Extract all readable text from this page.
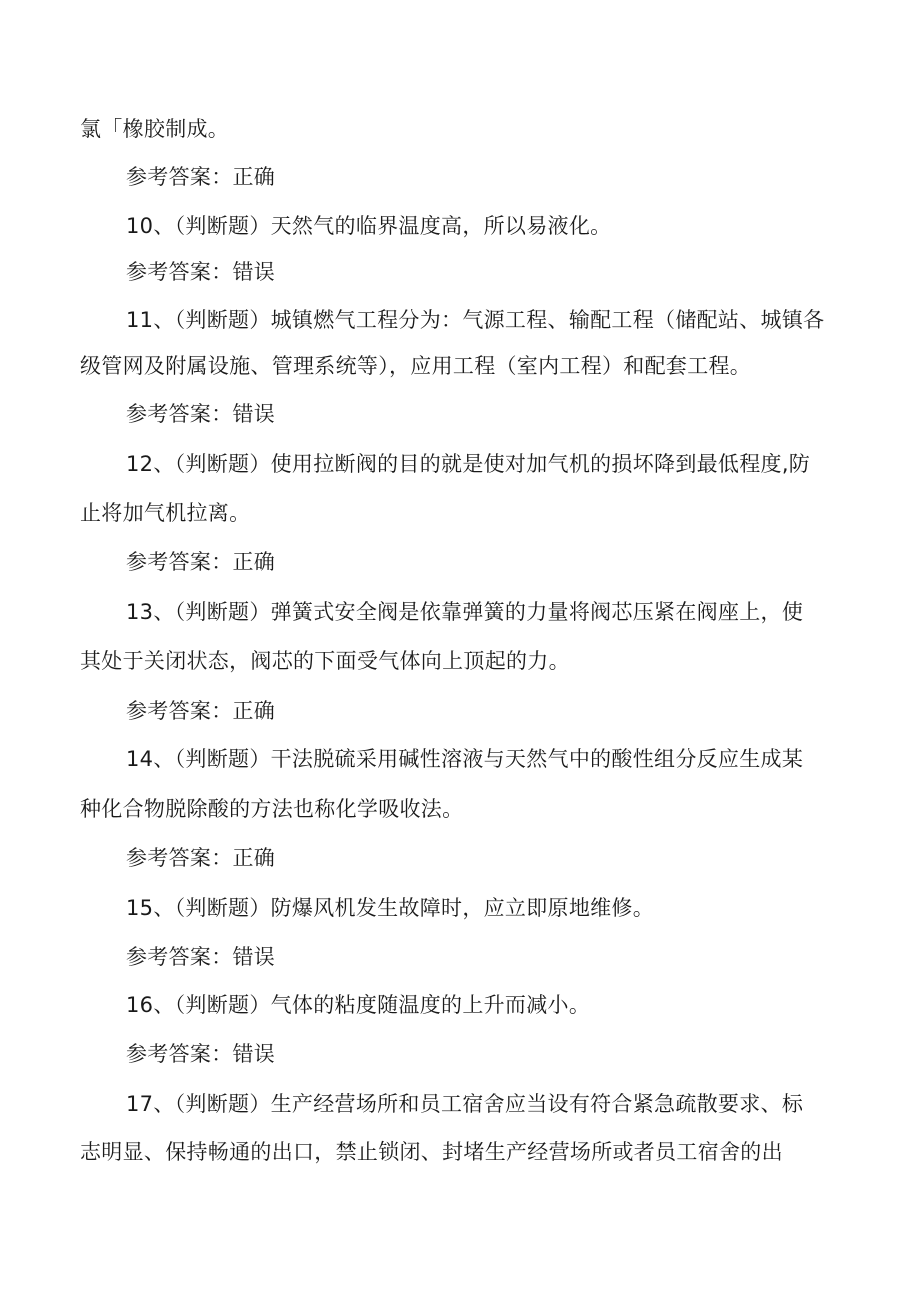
氯「橡胶制成。
参考答案：正确
10、（判断题）天然气的临界温度高，所以易液化。
参考答案：错误
11、（判断题）城镇燃气工程分为：气源工程、输配工程（储配站、城镇各
级管网及附属设施、管理系统等），应用工程（室内工程）和配套工程。
参考答案：错误
12、（判断题）使用拉断阀的目的就是使对加气机的损坏降到最低程度,防
止将加气机拉离。
参考答案：正确
13、（判断题）弹簧式安全阀是依靠弹簧的力量将阀芯压紧在阀座上，使
其处于关闭状态，阀芯的下面受气体向上顶起的力。
参考答案：正确
14、（判断题）干法脱硫采用碱性溶液与天然气中的酸性组分反应生成某
种化合物脱除酸的方法也称化学吸收法。
参考答案：正确
15、（判断题）防爆风机发生故障时，应立即原地维修。
参考答案：错误
16、（判断题）气体的粘度随温度的上升而减小。
参考答案：错误
17、（判断题）生产经营场所和员工宿舍应当设有符合紧急疏散要求、标
志明显、保持畅通的出口，禁止锁闭、封堵生产经营场所或者员工宿舍的出
